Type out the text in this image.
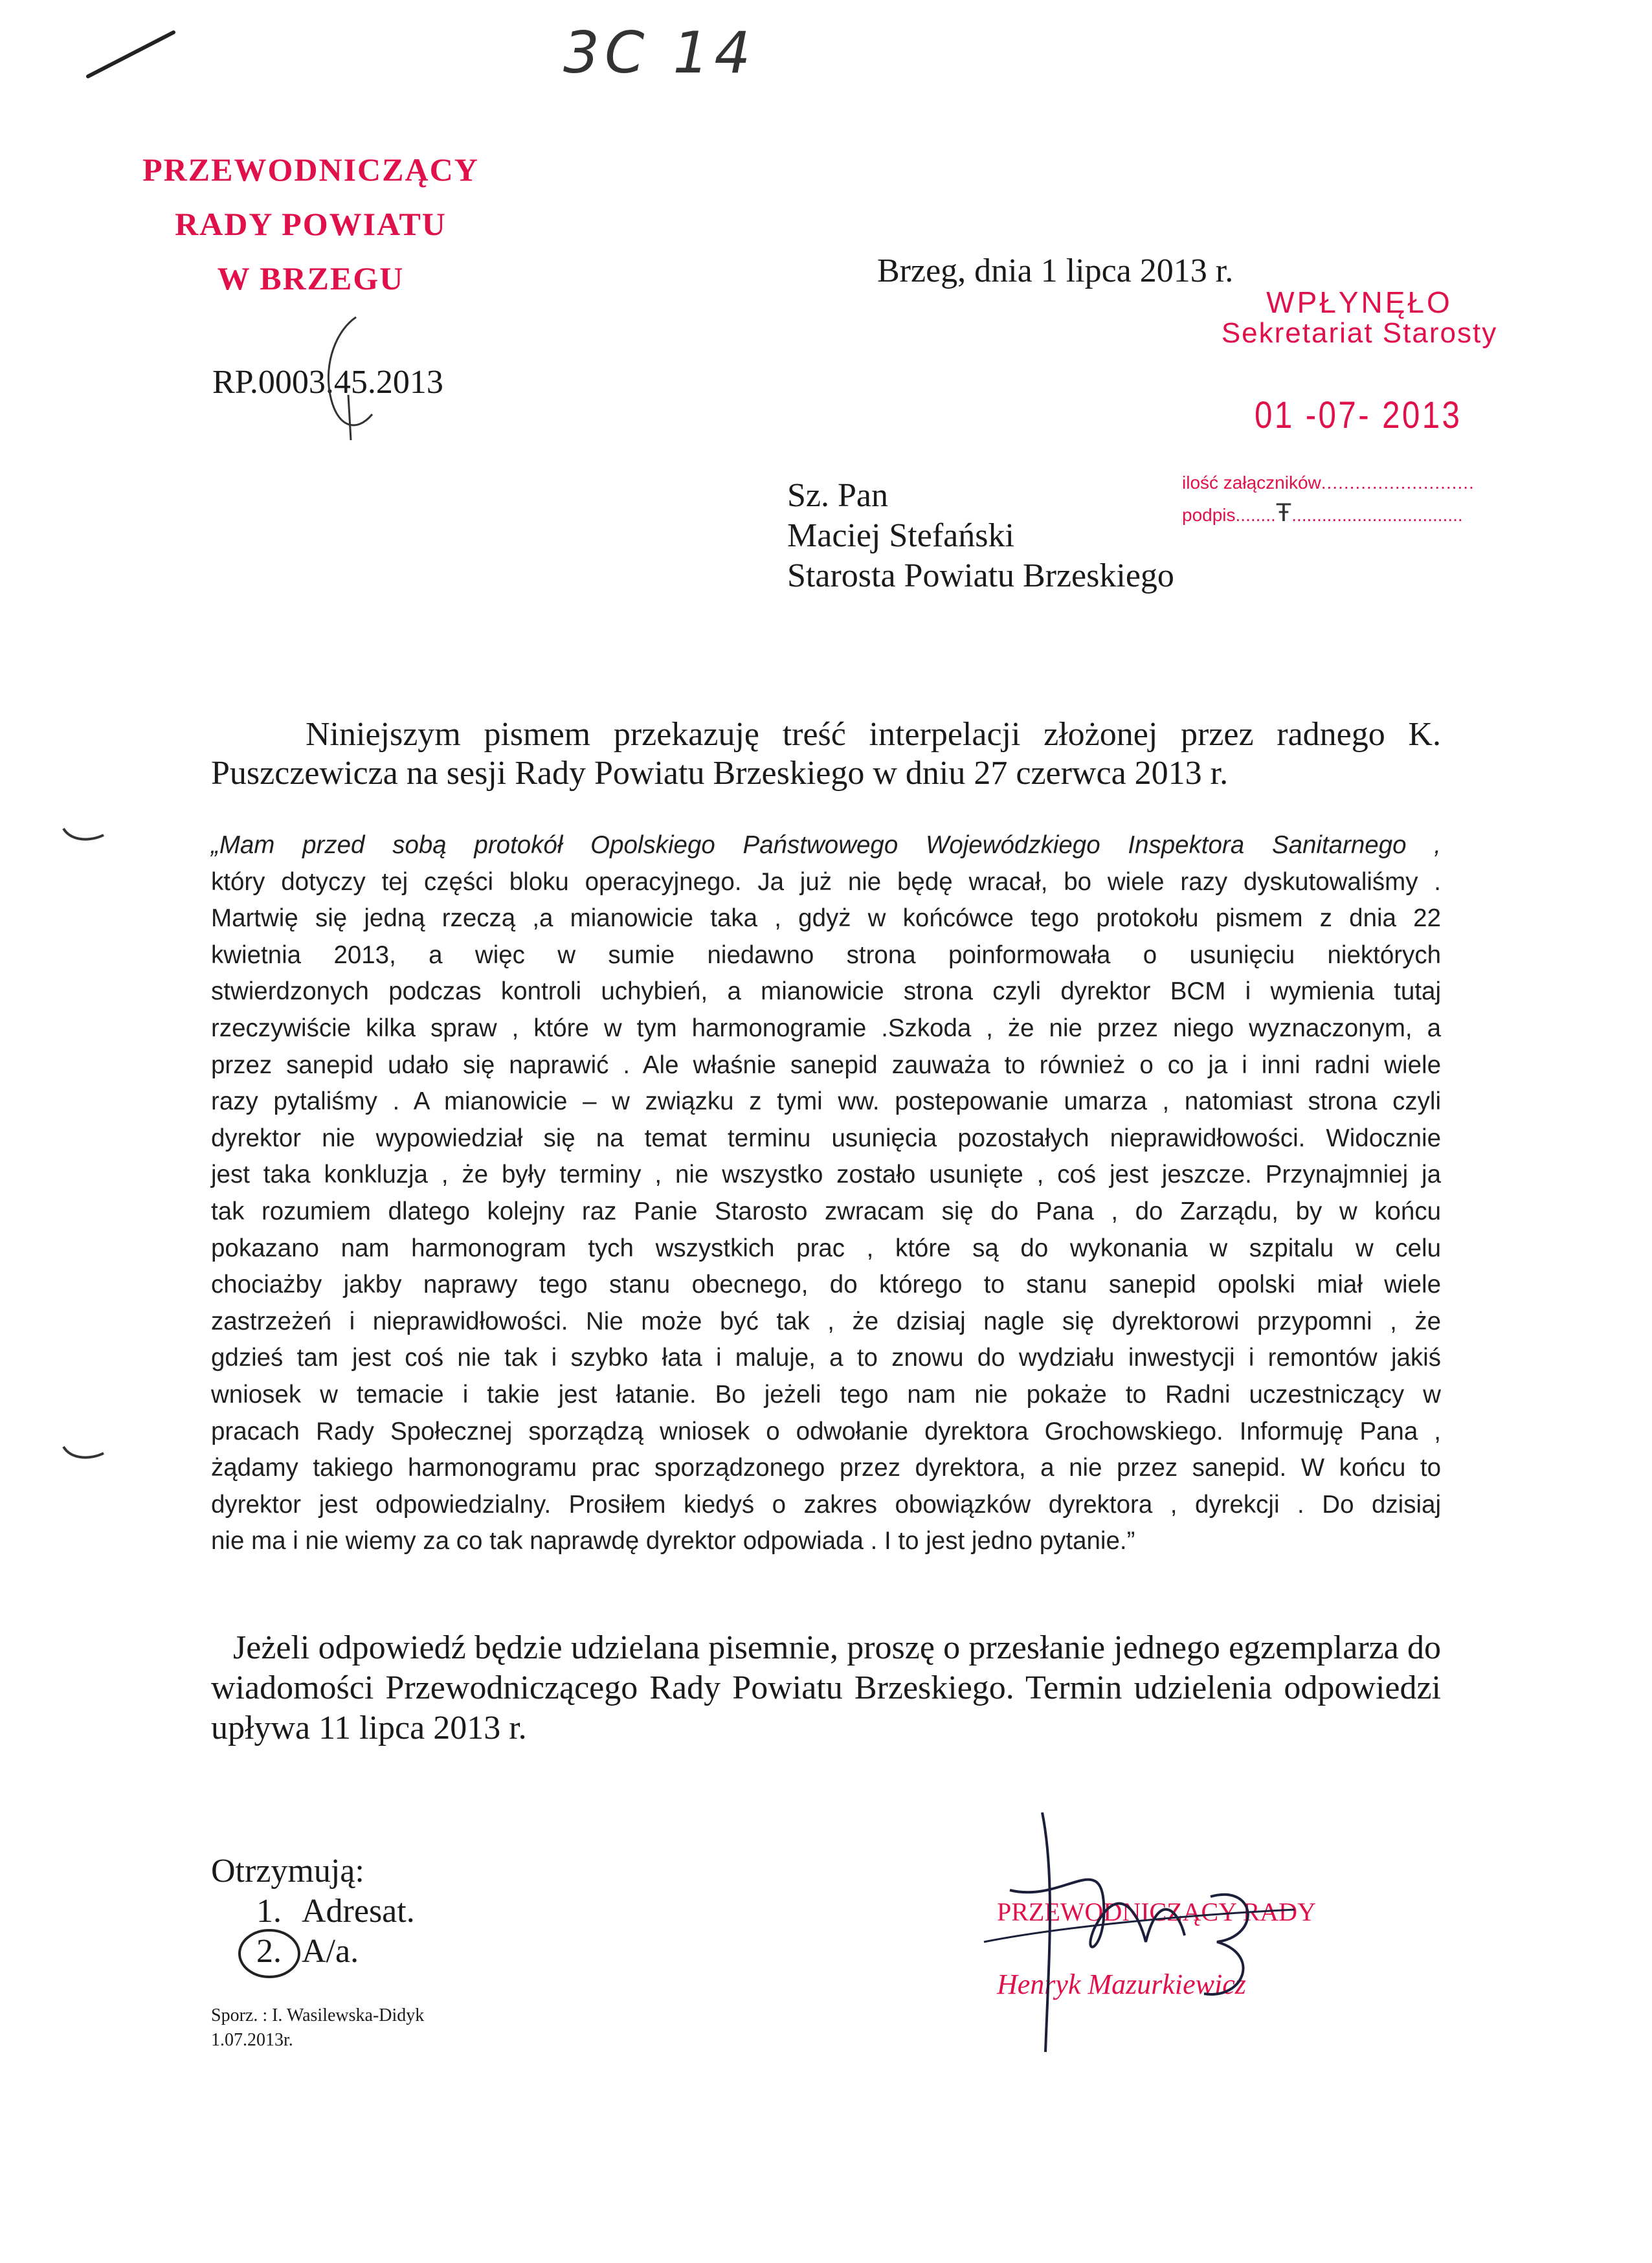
3C 14
PRZEWODNICZĄCY
RADY POWIATU
W BRZEGU	Brzeg, dnia 1 lipca 2013 r.
RP.0003.45.2013
WPŁYNĘŁO
Sekretariat Starosty
01 -07- 2013
ilość załączników...........................
podpis........Ŧ..................................
Sz. Pan
Maciej Stefański
Starosta Powiatu Brzeskiego
Niniejszym pismem przekazuję treść interpelacji złożonej przez radnego K.
Puszczewicza na sesji Rady Powiatu Brzeskiego w dniu 27 czerwca 2013 r.

„Mam przed sobą protokół Opolskiego Państwowego Wojewódzkiego Inspektora Sanitarnego ,

który dotyczy tej części bloku operacyjnego. Ja już nie będę wracał, bo wiele razy dyskutowaliśmy .

Martwię się jedną rzeczą ,a mianowicie taka , gdyż w końcówce tego protokołu pismem z dnia 22

kwietnia 2013, a więc w sumie niedawno strona poinformowała o usunięciu niektórych

stwierdzonych podczas kontroli uchybień, a mianowicie strona czyli dyrektor BCM i wymienia tutaj

rzeczywiście kilka spraw , które w tym harmonogramie .Szkoda , że nie przez niego wyznaczonym, a

przez sanepid udało się naprawić . Ale właśnie sanepid zauważa to również o co ja i inni radni wiele

razy pytaliśmy . A mianowicie – w związku z tymi ww. postepowanie umarza , natomiast strona czyli

dyrektor nie wypowiedział się na temat terminu usunięcia pozostałych nieprawidłowości. Widocznie

jest taka konkluzja , że były terminy , nie wszystko zostało usunięte , coś jest jeszcze. Przynajmniej ja

tak rozumiem dlatego kolejny raz Panie Starosto zwracam się do Pana , do Zarządu, by w końcu

pokazano nam harmonogram tych wszystkich prac , które są do wykonania w szpitalu w celu

chociażby jakby naprawy tego stanu obecnego, do którego to stanu sanepid opolski miał wiele

zastrzeżeń i nieprawidłowości. Nie może być tak , że dzisiaj nagle się dyrektorowi przypomni , że

gdzieś tam jest coś nie tak i szybko łata i maluje, a to znowu do wydziału inwestycji i remontów jakiś

wniosek w temacie i takie jest łatanie. Bo jeżeli tego nam nie pokaże to Radni uczestniczący w

pracach Rady Społecznej sporządzą wniosek o odwołanie dyrektora Grochowskiego. Informuję Pana ,

żądamy takiego harmonogramu prac sporządzonego przez dyrektora, a nie przez sanepid. W końcu to

dyrektor jest odpowiedzialny. Prosiłem kiedyś o zakres obowiązków dyrektora , dyrekcji . Do dzisiaj

nie ma i nie wiemy za co tak naprawdę dyrektor odpowiada . I to jest jedno pytanie.”

Jeżeli odpowiedź będzie udzielana pisemnie, proszę o przesłanie jednego egzemplarza do
wiadomości Przewodniczącego Rady Powiatu Brzeskiego. Termin udzielenia odpowiedzi
upływa 11 lipca 2013 r.
Otrzymują:
1. Adresat.
2. A/a.
Sporz. : I. Wasilewska-Didyk
1.07.2013r.
PRZEWODNICZĄCY RADY
Henryk Mazurkiewicz
